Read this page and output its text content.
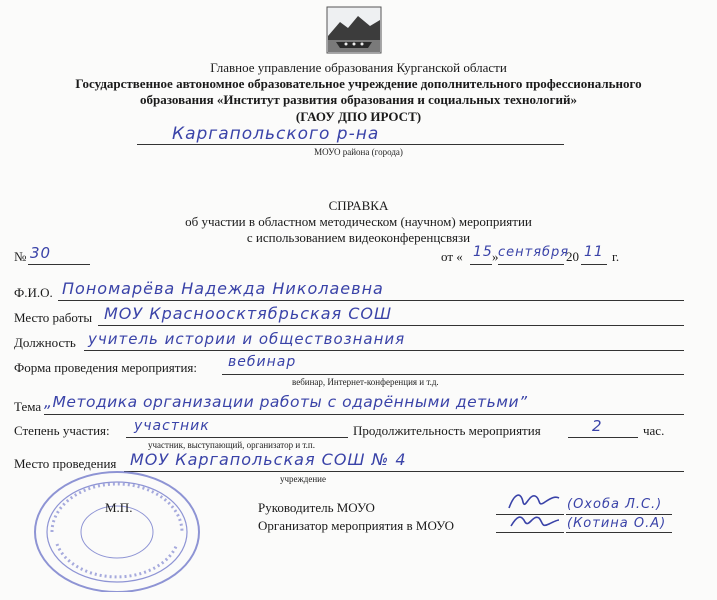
Главное управление образования Курганской области
Государственное автономное образовательное учреждение дополнительного профессионального
образования «Институт развития образования и социальных технологий»
(ГАОУ ДПО ИРОСТ)
Каргапольского р-на
МОУО района (города)
СПРАВКА
об участии в областном методическом (научном) мероприятии
с использованием видеоконференцсвязи
№ 30	от « 15 » сентября
20 11 г.
Ф.И.О. Пономарёва Надежда Николаевна
Место работы МОУ Красноосктябрьская СОШ
Должность учитель истории и обществознания
Форма проведения мероприятия: вебинар
вебинар, Интернет-конференция и т.д.
Тема „Методика организации работы с одарёнными детьми”
Степень участия: участник
участник, выступающий, организатор и т.п.
Продолжительность мероприятия	2	час.
Место проведения МОУ Каргапольская СОШ № 4
учреждение
М.П.	Руководитель МОУО	(Охоба Л.С.)
Организатор мероприятия в МОУО	(Котина О.А)
